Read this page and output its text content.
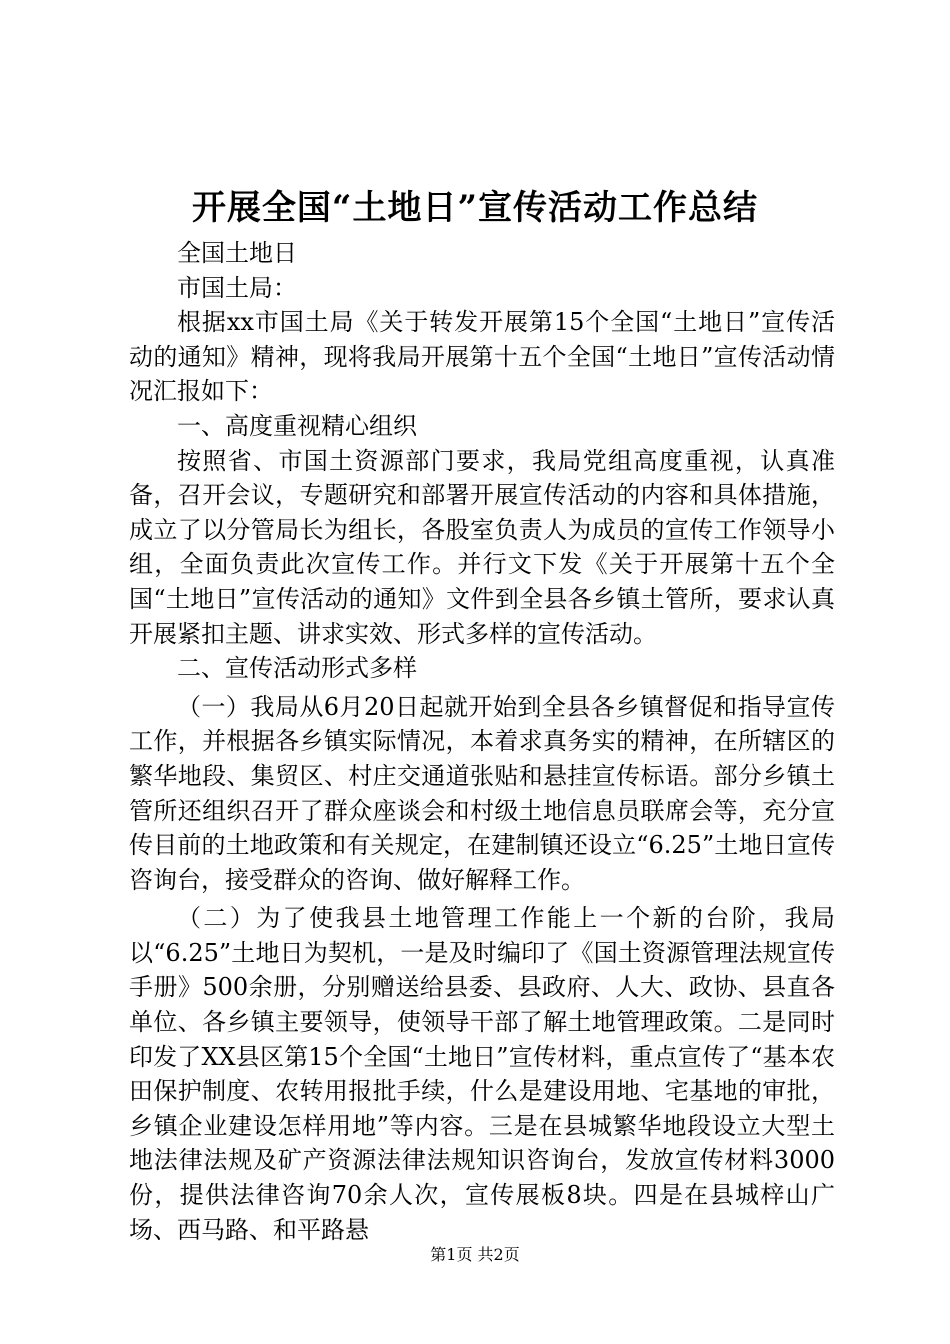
开展全国“土地日”宣传活动工作总结

全国土地日

市国土局：

根据xx市国土局《关于转发开展第15个全国“土地日”宣传活动的通知》精神，现将我局开展第十五个全国“土地日”宣传活动情况汇报如下：

一、高度重视精心组织

按照省、市国土资源部门要求，我局党组高度重视，认真准备，召开会议，专题研究和部署开展宣传活动的内容和具体措施，成立了以分管局长为组长，各股室负责人为成员的宣传工作领导小组，全面负责此次宣传工作。并行文下发《关于开展第十五个全国“土地日”宣传活动的通知》文件到全县各乡镇土管所，要求认真开展紧扣主题、讲求实效、形式多样的宣传活动。

二、宣传活动形式多样

（一）我局从6月20日起就开始到全县各乡镇督促和指导宣传工作，并根据各乡镇实际情况，本着求真务实的精神，在所辖区的繁华地段、集贸区、村庄交通道张贴和悬挂宣传标语。部分乡镇土管所还组织召开了群众座谈会和村级土地信息员联席会等，充分宣传目前的土地政策和有关规定，在建制镇还设立“6.25”土地日宣传咨询台，接受群众的咨询、做好解释工作。

（二）为了使我县土地管理工作能上一个新的台阶，我局以“6.25”土地日为契机，一是及时编印了《国土资源管理法规宣传手册》500余册，分别赠送给县委、县政府、人大、政协、县直各单位、各乡镇主要领导，使领导干部了解土地管理政策。二是同时印发了XX县区第15个全国“土地日”宣传材料，重点宣传了“基本农田保护制度、农转用报批手续，什么是建设用地、宅基地的审批，乡镇企业建设怎样用地”等内容。三是在县城繁华地段设立大型土地法律法规及矿产资源法律法规知识咨询台，发放宣传材料3000份，提供法律咨询70余人次，宣传展板8块。四是在县城梓山广场、西马路、和平路悬

第1页 共2页
